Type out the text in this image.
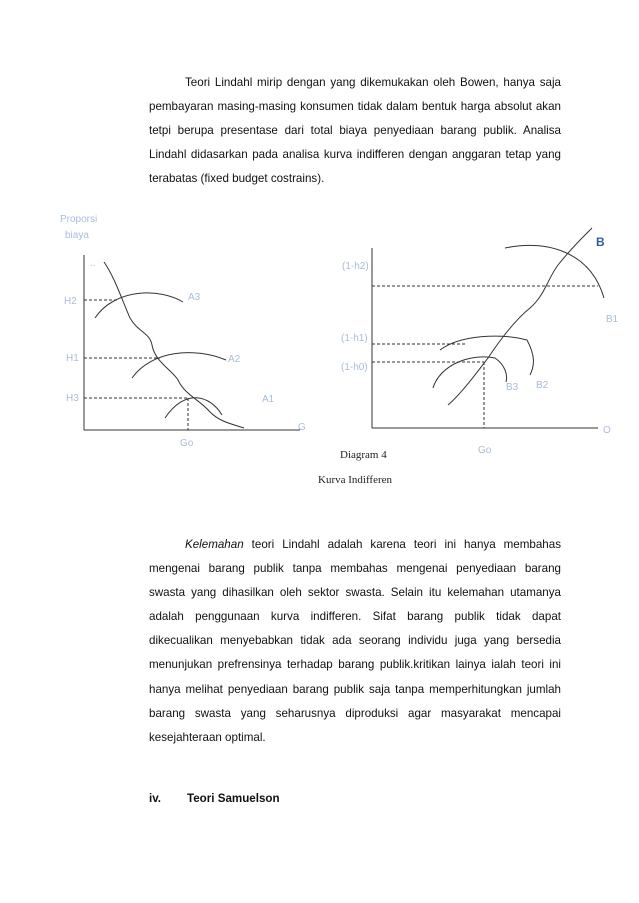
Teori Lindahl mirip dengan yang dikemukakan oleh Bowen, hanya saja pembayaran masing-masing konsumen tidak dalam bentuk harga absolut akan tetpi berupa presentase dari total biaya penyediaan barang publik. Analisa Lindahl didasarkan pada analisa kurva indifferen dengan anggaran tetap yang terabatas (fixed budget costrains).

Proporsi
biaya
..
H2
H1
H3
A3
A2
A1
G
Go
(1-h2)
(1-h1)
(1-h0)
B
B1
B3 B2
O
Go
Diagram 4
Kurva Indifferen

Kelemahan teori Lindahl adalah karena teori ini hanya membahas mengenai barang publik tanpa membahas mengenai penyediaan barang swasta yang dihasilkan oleh sektor swasta. Selain itu kelemahan utamanya adalah penggunaan kurva indifferen. Sifat barang publik tidak dapat dikecualikan menyebabkan tidak ada seorang individu juga yang bersedia menunjukan prefrensinya terhadap barang publik.kritikan lainya ialah teori ini hanya melihat penyediaan barang publik saja tanpa memperhitungkan jumlah barang swasta yang seharusnya diproduksi agar masyarakat mencapai kesejahteraan optimal.

iv. Teori Samuelson
